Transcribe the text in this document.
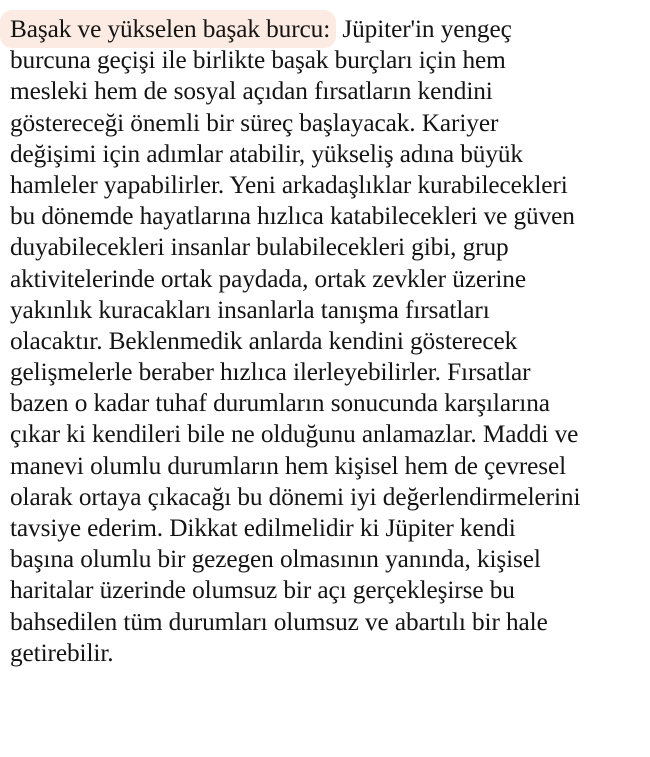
Başak ve yükselen başak burcu: Jüpiter'in yengeç
burcuna geçişi ile birlikte başak burçları için hem
mesleki hem de sosyal açıdan fırsatların kendini
göstereceği önemli bir süreç başlayacak. Kariyer
değişimi için adımlar atabilir, yükseliş adına büyük
hamleler yapabilirler. Yeni arkadaşlıklar kurabilecekleri
bu dönemde hayatlarına hızlıca katabilecekleri ve güven
duyabilecekleri insanlar bulabilecekleri gibi, grup
aktivitelerinde ortak paydada, ortak zevkler üzerine
yakınlık kuracakları insanlarla tanışma fırsatları
olacaktır. Beklenmedik anlarda kendini gösterecek
gelişmelerle beraber hızlıca ilerleyebilirler. Fırsatlar
bazen o kadar tuhaf durumların sonucunda karşılarına
çıkar ki kendileri bile ne olduğunu anlamazlar. Maddi ve
manevi olumlu durumların hem kişisel hem de çevresel
olarak ortaya çıkacağı bu dönemi iyi değerlendirmelerini
tavsiye ederim. Dikkat edilmelidir ki Jüpiter kendi
başına olumlu bir gezegen olmasının yanında, kişisel
haritalar üzerinde olumsuz bir açı gerçekleşirse bu
bahsedilen tüm durumları olumsuz ve abartılı bir hale
getirebilir.
